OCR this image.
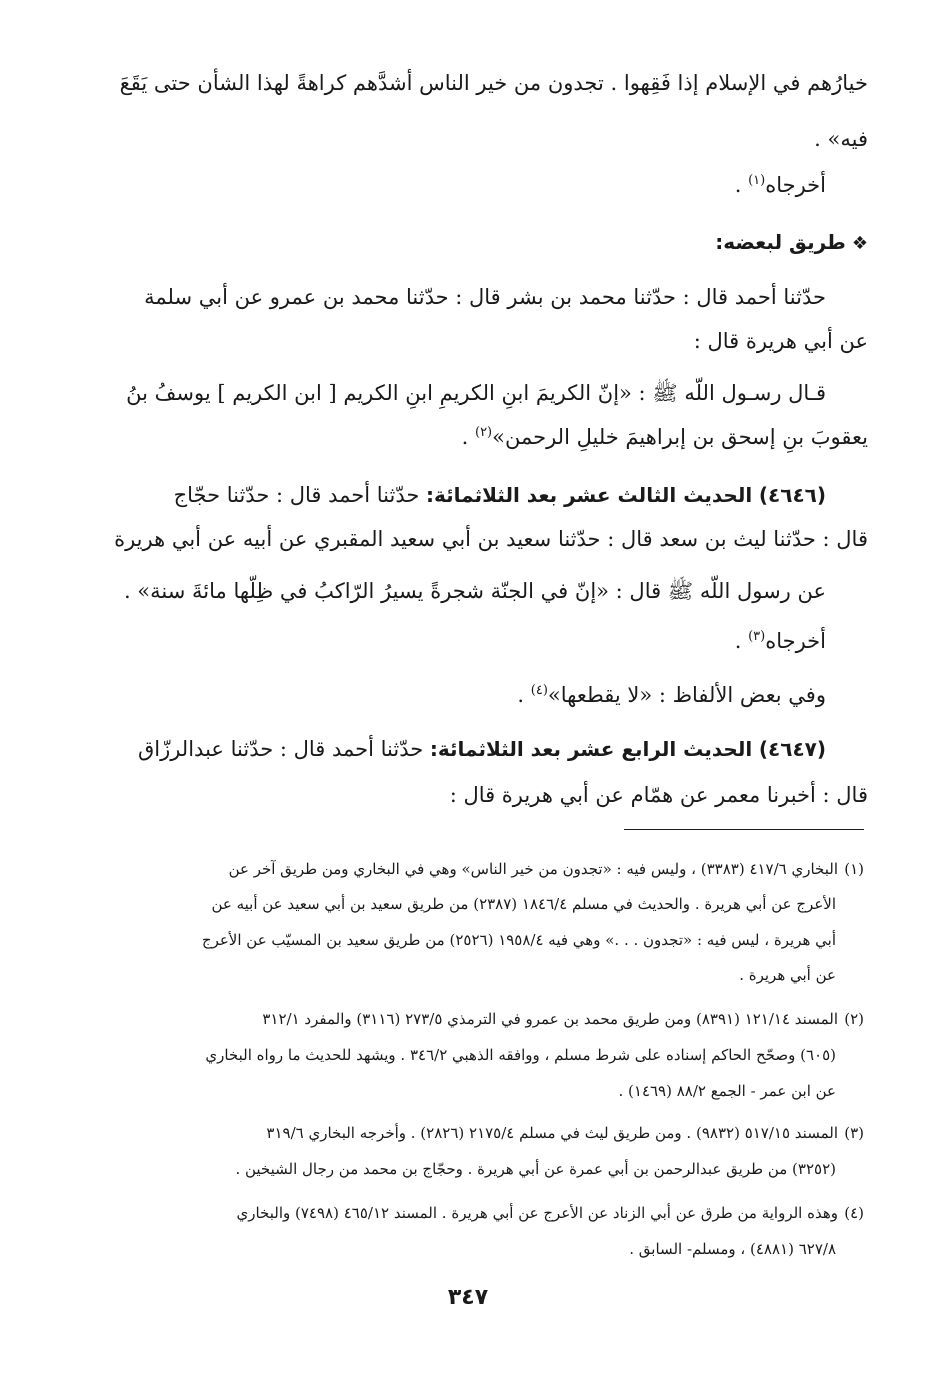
خيارُهم في الإسلام إذا فَقِهوا . تجدون من خير الناس أشدَّهم كراهةً لهذا الشأن حتى يَقَعَ
فيه» .
أخرجاه$^{(١)}$ .
❖طريق لبعضه:
حدّثنا أحمد قال : حدّثنا محمد بن بشر قال : حدّثنا محمد بن عمرو عن أبي سلمة
عن أبي هريرة قال :
قـال رسـول اللّه ﷺ : «إنّ الكريمَ ابنِ الكريمِ ابنِ الكريم [ ابن الكريم ] يوسفُ بنُ
يعقوبَ بنِ إسحق بن إبراهيمَ خليلِ الرحمن»$^{(٢)}$ .
(٤٦٤٦) الحديث الثالث عشر بعد الثلاثمائة: حدّثنا أحمد قال : حدّثنا حجّاج
قال : حدّثنا ليث بن سعد قال : حدّثنا سعيد بن أبي سعيد المقبري عن أبيه عن أبي هريرة
عن رسول اللّه ﷺ قال : «إنّ في الجنّة شجرةً يسيرُ الرّاكبُ في ظِلّها مائةَ سنة» .
أخرجاه$^{(٣)}$ .
وفي بعض الألفاظ : «لا يقطعها»$^{(٤)}$ .
(٤٦٤٧) الحديث الرابع عشر بعد الثلاثمائة: حدّثنا أحمد قال : حدّثنا عبدالرزّاق
قال : أخبرنا معمر عن همّام عن أبي هريرة قال :
(١)البخاري ٤١٧/٦ (٣٣٨٣) ، وليس فيه : «تجدون من خير الناس» وهي في البخاري ومن طريق آخر عن
الأعرج عن أبي هريرة . والحديث في مسلم ١٨٤٦/٤ (٢٣٨٧) من طريق سعيد بن أبي سعيد عن أبيه عن
أبي هريرة ، ليس فيه : «تجدون . . .» وهي فيه ١٩٥٨/٤ (٢٥٢٦) من طريق سعيد بن المسيّب عن الأعرج
عن أبي هريرة .
(٢)المسند ١٢١/١٤ (٨٣٩١) ومن طريق محمد بن عمرو في الترمذي ٢٧٣/٥ (٣١١٦) والمفرد ٣١٢/١
(٦٠٥) وصحّح الحاكم إسناده على شرط مسلم ، ووافقه الذهبي ٣٤٦/٢ . ويشهد للحديث ما رواه البخاري
عن ابن عمر - الجمع ٨٨/٢ (١٤٦٩) .
(٣)المسند ٥١٧/١٥ (٩٨٣٢) . ومن طريق ليث في مسلم ٢١٧٥/٤ (٢٨٢٦) . وأخرجه البخاري ٣١٩/٦
(٣٢٥٢) من طريق عبدالرحمن بن أبي عمرة عن أبي هريرة . وحجّاج بن محمد من رجال الشيخين .
(٤)وهذه الرواية من طرق عن أبي الزناد عن الأعرج عن أبي هريرة . المسند ٤٦٥/١٢ (٧٤٩٨) والبخاري
٦٢٧/٨ (٤٨٨١) ، ومسلم- السابق .
٣٤٧
